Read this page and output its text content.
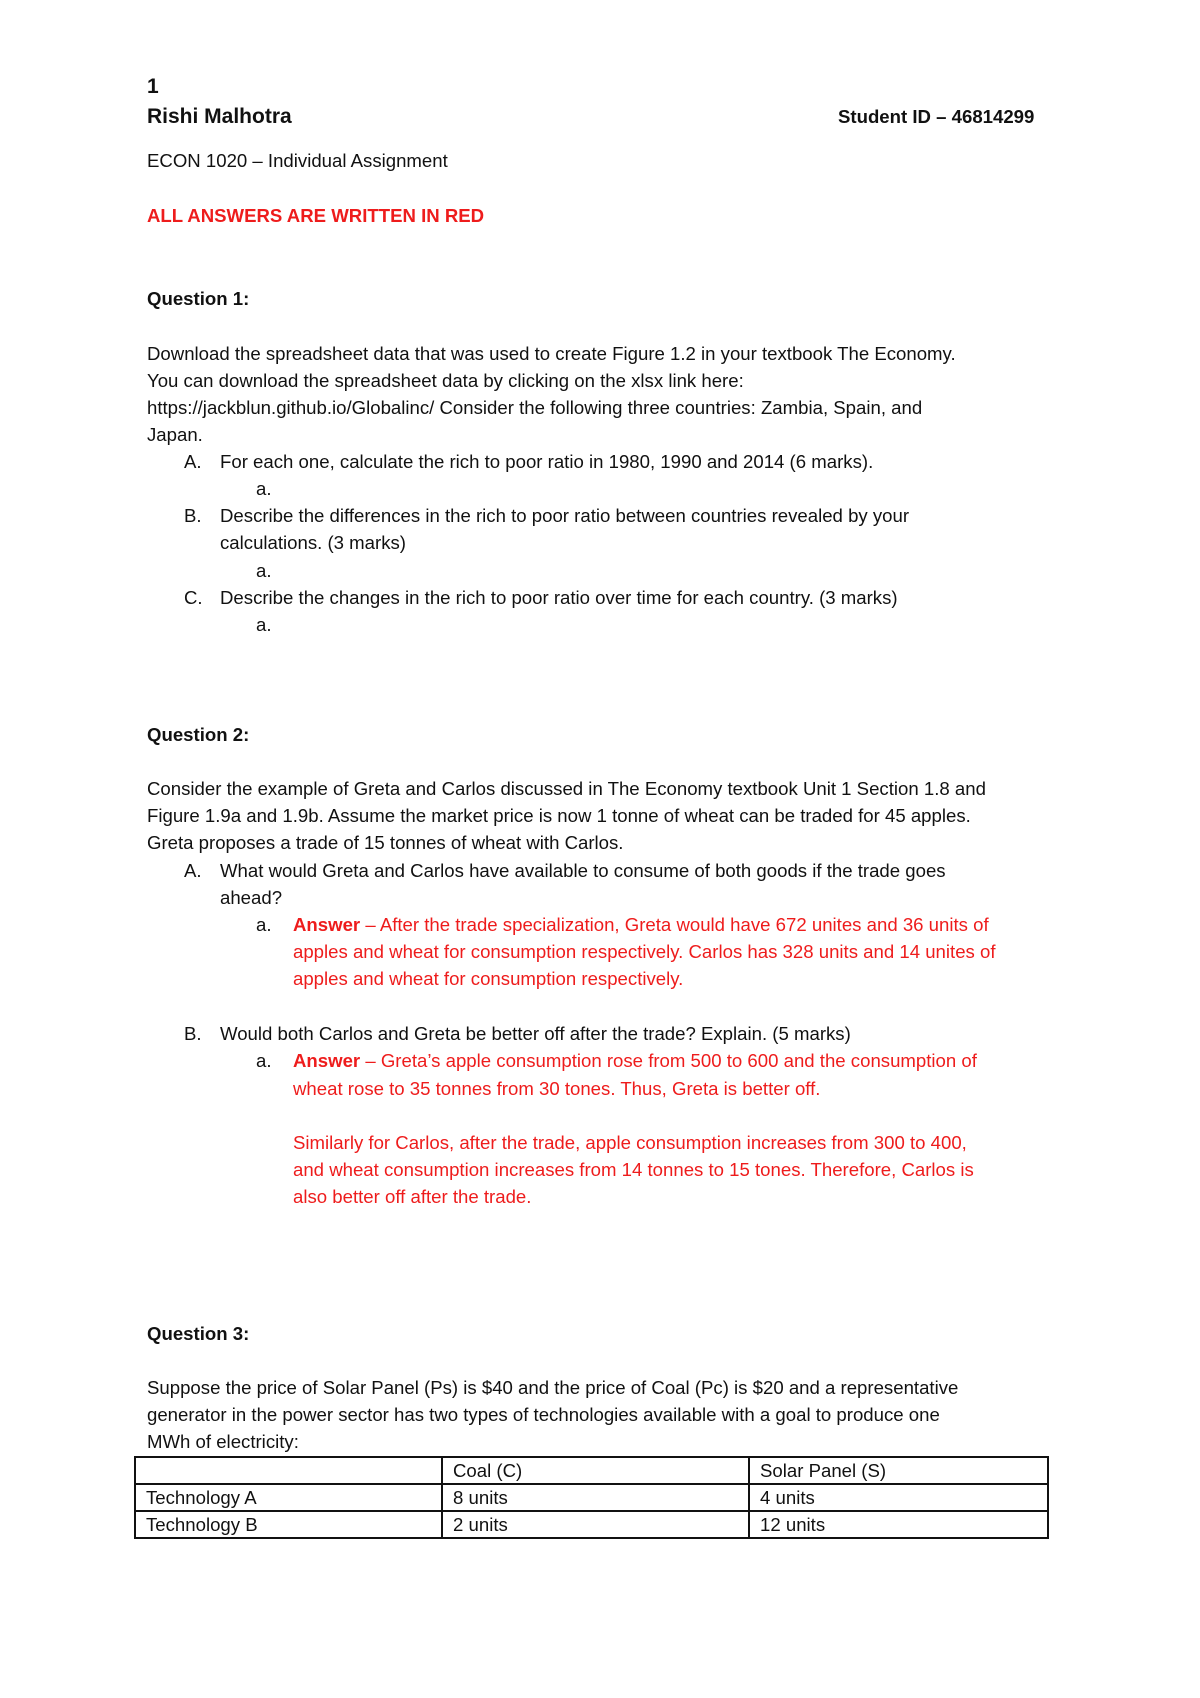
1
Rishi Malhotra	Student ID – 46814299
ECON 1020 – Individual Assignment
ALL ANSWERS ARE WRITTEN IN RED
Question 1:
Download the spreadsheet data that was used to create Figure 1.2 in your textbook The Economy.
You can download the spreadsheet data by clicking on the xlsx link here:
https://jackblun.github.io/Globalinc/ Consider the following three countries: Zambia, Spain, and
Japan.
A. For each one, calculate the rich to poor ratio in 1980, 1990 and 2014 (6 marks).
a.
B. Describe the differences in the rich to poor ratio between countries revealed by your
calculations. (3 marks)
a.
C. Describe the changes in the rich to poor ratio over time for each country. (3 marks)
a.
Question 2:
Consider the example of Greta and Carlos discussed in The Economy textbook Unit 1 Section 1.8 and
Figure 1.9a and 1.9b. Assume the market price is now 1 tonne of wheat can be traded for 45 apples.
Greta proposes a trade of 15 tonnes of wheat with Carlos.
A. What would Greta and Carlos have available to consume of both goods if the trade goes
ahead?
a. Answer – After the trade specialization, Greta would have 672 unites and 36 units of
apples and wheat for consumption respectively. Carlos has 328 units and 14 unites of
apples and wheat for consumption respectively.
B. Would both Carlos and Greta be better off after the trade? Explain. (5 marks)
a. Answer – Greta’s apple consumption rose from 500 to 600 and the consumption of
wheat rose to 35 tonnes from 30 tones. Thus, Greta is better off.
Similarly for Carlos, after the trade, apple consumption increases from 300 to 400,
and wheat consumption increases from 14 tonnes to 15 tones. Therefore, Carlos is
also better off after the trade.
Question 3:
Suppose the price of Solar Panel (Ps) is $40 and the price of Coal (Pc) is $20 and a representative
generator in the power sector has two types of technologies available with a goal to produce one
MWh of electricity:
	Coal (C)	Solar Panel (S)
Technology A	8 units	4 units
Technology B	2 units	12 units
